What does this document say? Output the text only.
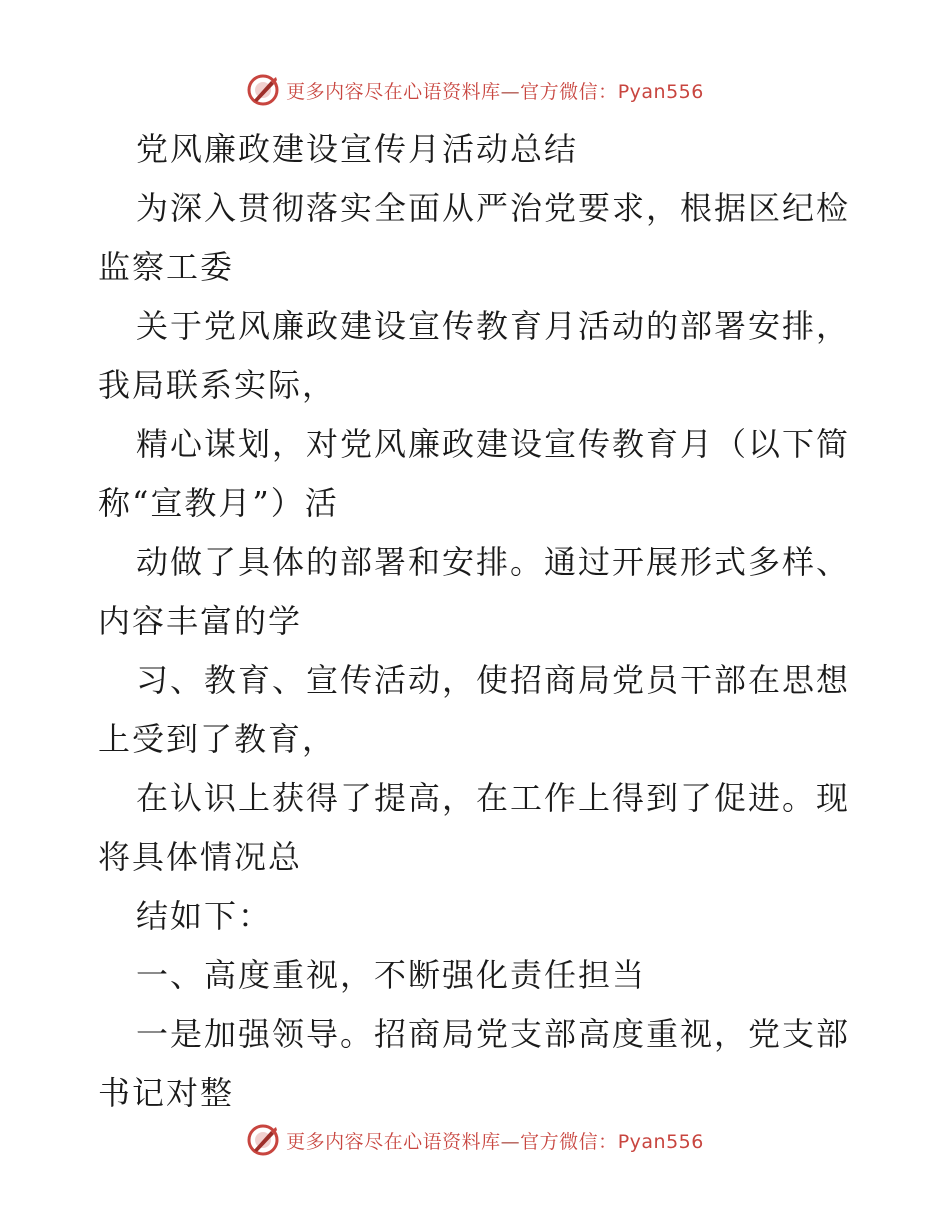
更多内容尽在心语资料库—官方微信：Pyan556
党风廉政建设宣传月活动总结
为深入贯彻落实全面从严治党要求，根据区纪检
监察工委
关于党风廉政建设宣传教育月活动的部署安排，
我局联系实际，
精心谋划，对党风廉政建设宣传教育月（以下简
称“宣教月”）活
动做了具体的部署和安排。通过开展形式多样、
内容丰富的学
习、教育、宣传活动，使招商局党员干部在思想
上受到了教育，
在认识上获得了提高，在工作上得到了促进。现
将具体情况总
结如下：
一、高度重视，不断强化责任担当
一是加强领导。招商局党支部高度重视，党支部
书记对整
更多内容尽在心语资料库—官方微信：Pyan556
